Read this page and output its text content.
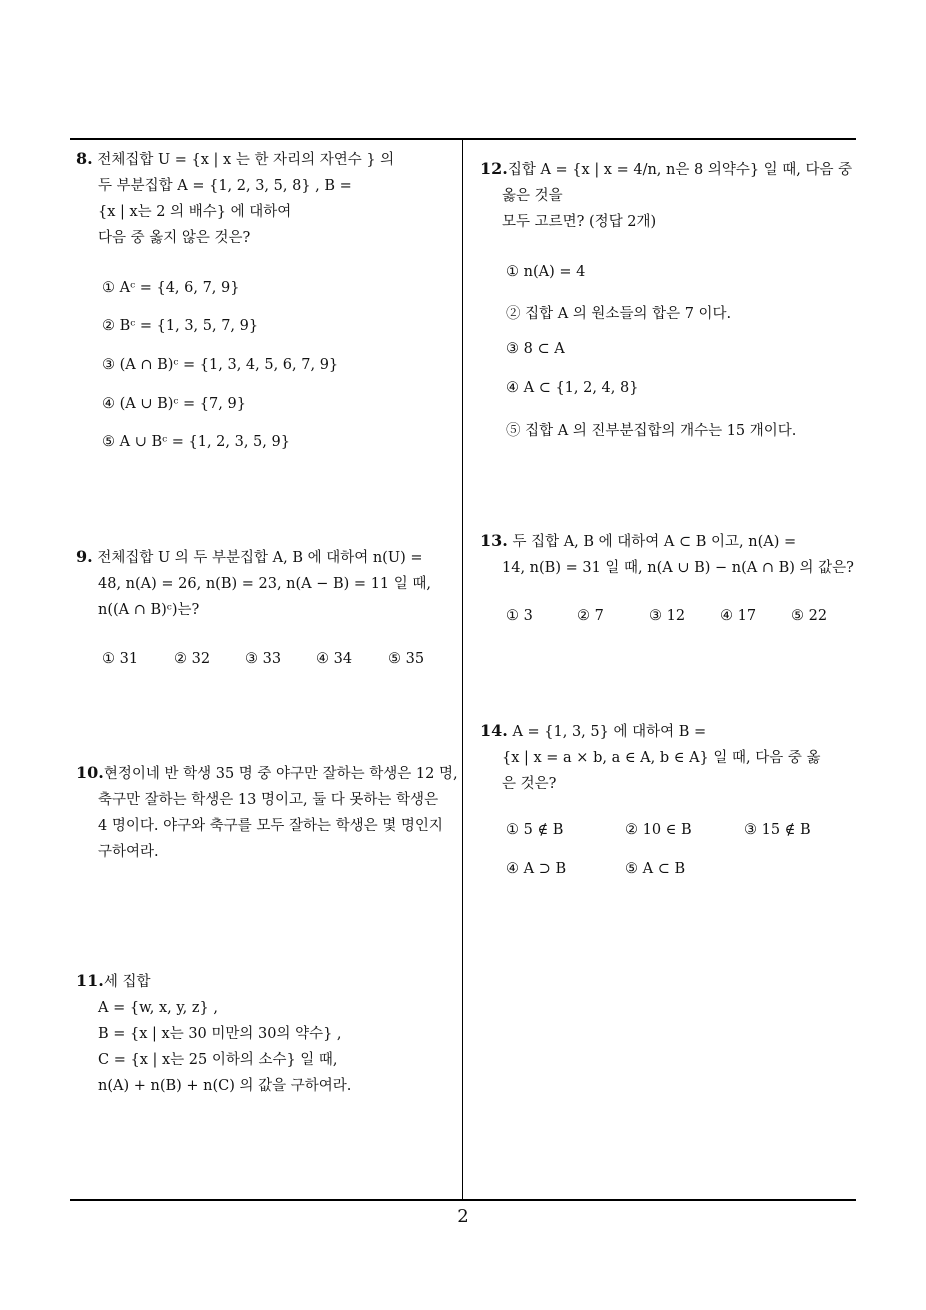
8. 전체집합 U = {x | x 는 한 자리의 자연수 } 의
두 부분집합 A = {1, 2, 3, 5, 8} , B =
{x | x는 2 의 배수} 에 대하여
다음 중 옳지 않은 것은?
① Aᶜ = {4, 6, 7, 9}
② Bᶜ = {1, 3, 5, 7, 9}
③ (A ∩ B)ᶜ = {1, 3, 4, 5, 6, 7, 9}
④ (A ∪ B)ᶜ = {7, 9}
⑤ A ∪ Bᶜ = {1, 2, 3, 5, 9}
9. 전체집합 U 의 두 부분집합 A, B 에 대하여 n(U) =
48, n(A) = 26, n(B) = 23, n(A − B) = 11 일 때,
n((A ∩ B)ᶜ)는?
① 31 ② 32 ③ 33 ④ 34 ⑤ 35
10.현정이네 반 학생 35 명 중 야구만 잘하는 학생은 12 명,
축구만 잘하는 학생은 13 명이고, 둘 다 못하는 학생은
4 명이다. 야구와 축구를 모두 잘하는 학생은 몇 명인지
구하여라.
11.세 집합
A = {w, x, y, z} ,
B = {x | x는 30 미만의 30의 약수} ,
C = {x | x는 25 이하의 소수} 일 때,
n(A) + n(B) + n(C) 의 값을 구하여라.
12.집합 A = {x | x = 4/n, n은 8 의약수} 일 때, 다음 중
옳은 것을
모두 고르면? (정답 2개)
① n(A) = 4
② 집합 A 의 원소들의 합은 7 이다.
③ 8 ⊂ A
④ A ⊂ {1, 2, 4, 8}
⑤ 집합 A 의 진부분집합의 개수는 15 개이다.
13. 두 집합 A, B 에 대하여 A ⊂ B 이고, n(A) =
14, n(B) = 31 일 때, n(A ∪ B) − n(A ∩ B) 의 값은?
① 3	② 7	③ 12 ④ 17 ⑤ 22
14. A = {1, 3, 5} 에 대하여 B =
{x | x = a × b, a ∈ A, b ∈ A} 일 때, 다음 중 옳
은 것은?
① 5 ∉ B	② 10 ∈ B	③ 15 ∉ B
④ A ⊃ B	⑤ A ⊂ B
2
